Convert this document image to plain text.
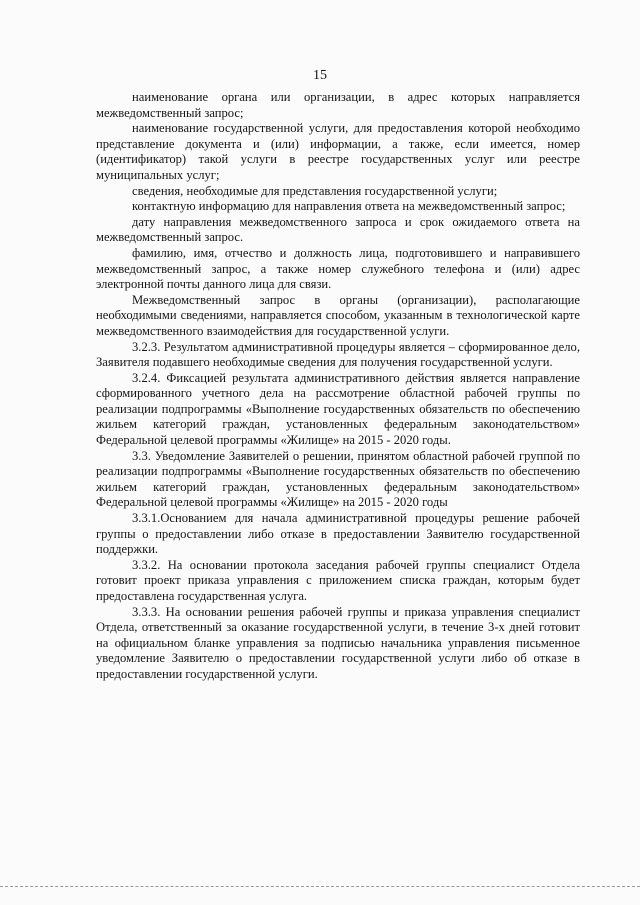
15

наименование органа или организации, в адрес которых направляется межведомственный запрос;

наименование государственной услуги, для предоставления которой необходимо представление документа и (или) информации, а также, если имеется, номер (идентификатор) такой услуги в реестре государственных услуг или реестре муниципальных услуг;

сведения, необходимые для представления государственной услуги;

контактную информацию для направления ответа на межведомственный запрос;

дату направления межведомственного запроса и срок ожидаемого ответа на межведомственный запрос.

фамилию, имя, отчество и должность лица, подготовившего и направившего межведомственный запрос, а также номер служебного телефона и (или) адрес электронной почты данного лица для связи.

Межведомственный запрос в органы (организации), располагающие необходимыми сведениями, направляется способом, указанным в технологической карте межведомственного взаимодействия для государственной услуги.

3.2.3. Результатом административной процедуры является – сформированное дело, Заявителя подавшего необходимые сведения для получения государственной услуги.

3.2.4. Фиксацией результата административного действия является направление сформированного учетного дела на рассмотрение областной рабочей группы по реализации подпрограммы «Выполнение государственных обязательств по обеспечению жильем категорий граждан, установленных федеральным законодательством» Федеральной целевой программы «Жилище» на 2015 - 2020 годы.

3.3. Уведомление Заявителей о решении, принятом областной рабочей группой по реализации подпрограммы «Выполнение государственных обязательств по обеспечению жильем категорий граждан, установленных федеральным законодательством» Федеральной целевой программы «Жилище» на 2015 - 2020 годы

3.3.1.Основанием для начала административной процедуры решение рабочей группы о предоставлении либо отказе в предоставлении Заявителю государственной поддержки.

3.3.2. На основании протокола заседания рабочей группы специалист Отдела готовит проект приказа управления с приложением списка граждан, которым будет предоставлена государственная услуга.

3.3.3. На основании решения рабочей группы и приказа управления специалист Отдела, ответственный за оказание государственной услуги, в течение 3-х дней готовит на официальном бланке управления за подписью начальника управления письменное уведомление Заявителю о предоставлении государственной услуги либо об отказе в предоставлении государственной услуги.
